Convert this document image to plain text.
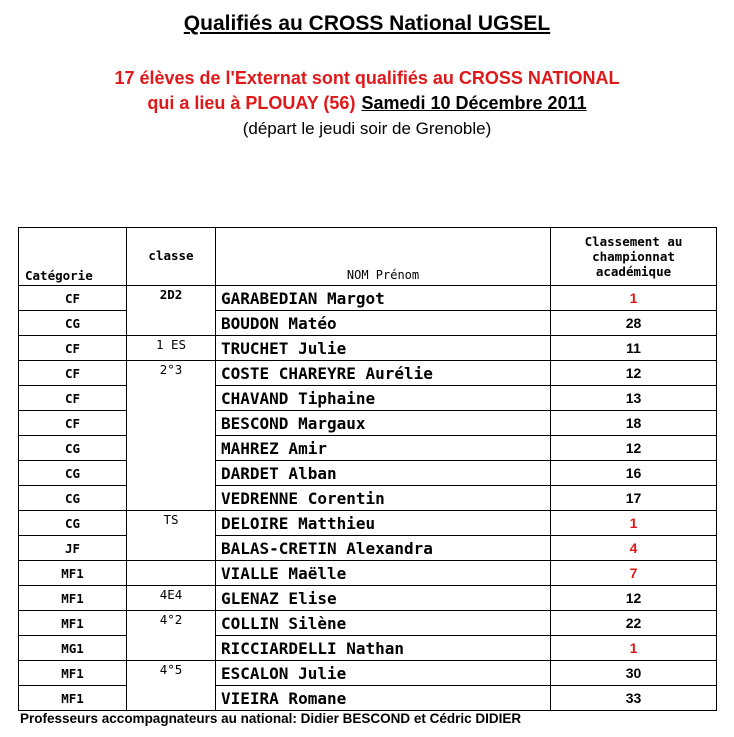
Qualifiés au CROSS National UGSEL
17 élèves de l'Externat sont qualifiés au CROSS NATIONAL
qui a lieu à PLOUAY (56) Samedi 10 Décembre 2011
(départ le jeudi soir de Grenoble)
Catégorie	classe	NOM Prénom	Classement au
championnat
académique

CF	2D2	GARABEDIAN Margot	1
CG		BOUDON Matéo	28
CF	1 ES	TRUCHET Julie	11
CF	2°3	COSTE CHAREYRE Aurélie	12
CF		CHAVAND Tiphaine	13
CF		BESCOND Margaux	18
CG		MAHREZ Amir	12
CG		DARDET Alban	16
CG		VEDRENNE Corentin	17
CG	TS	DELOIRE Matthieu	1
JF		BALAS-CRETIN Alexandra	4
MF1		VIALLE Maëlle	7
MF1	4E4	GLENAZ Elise	12
MF1	4°2	COLLIN Silène	22
MG1		RICCIARDELLI Nathan	1
MF1	4°5	ESCALON Julie	30
MF1		VIEIRA Romane	33
Professeurs accompagnateurs au national: Didier BESCOND et Cédric DIDIER
